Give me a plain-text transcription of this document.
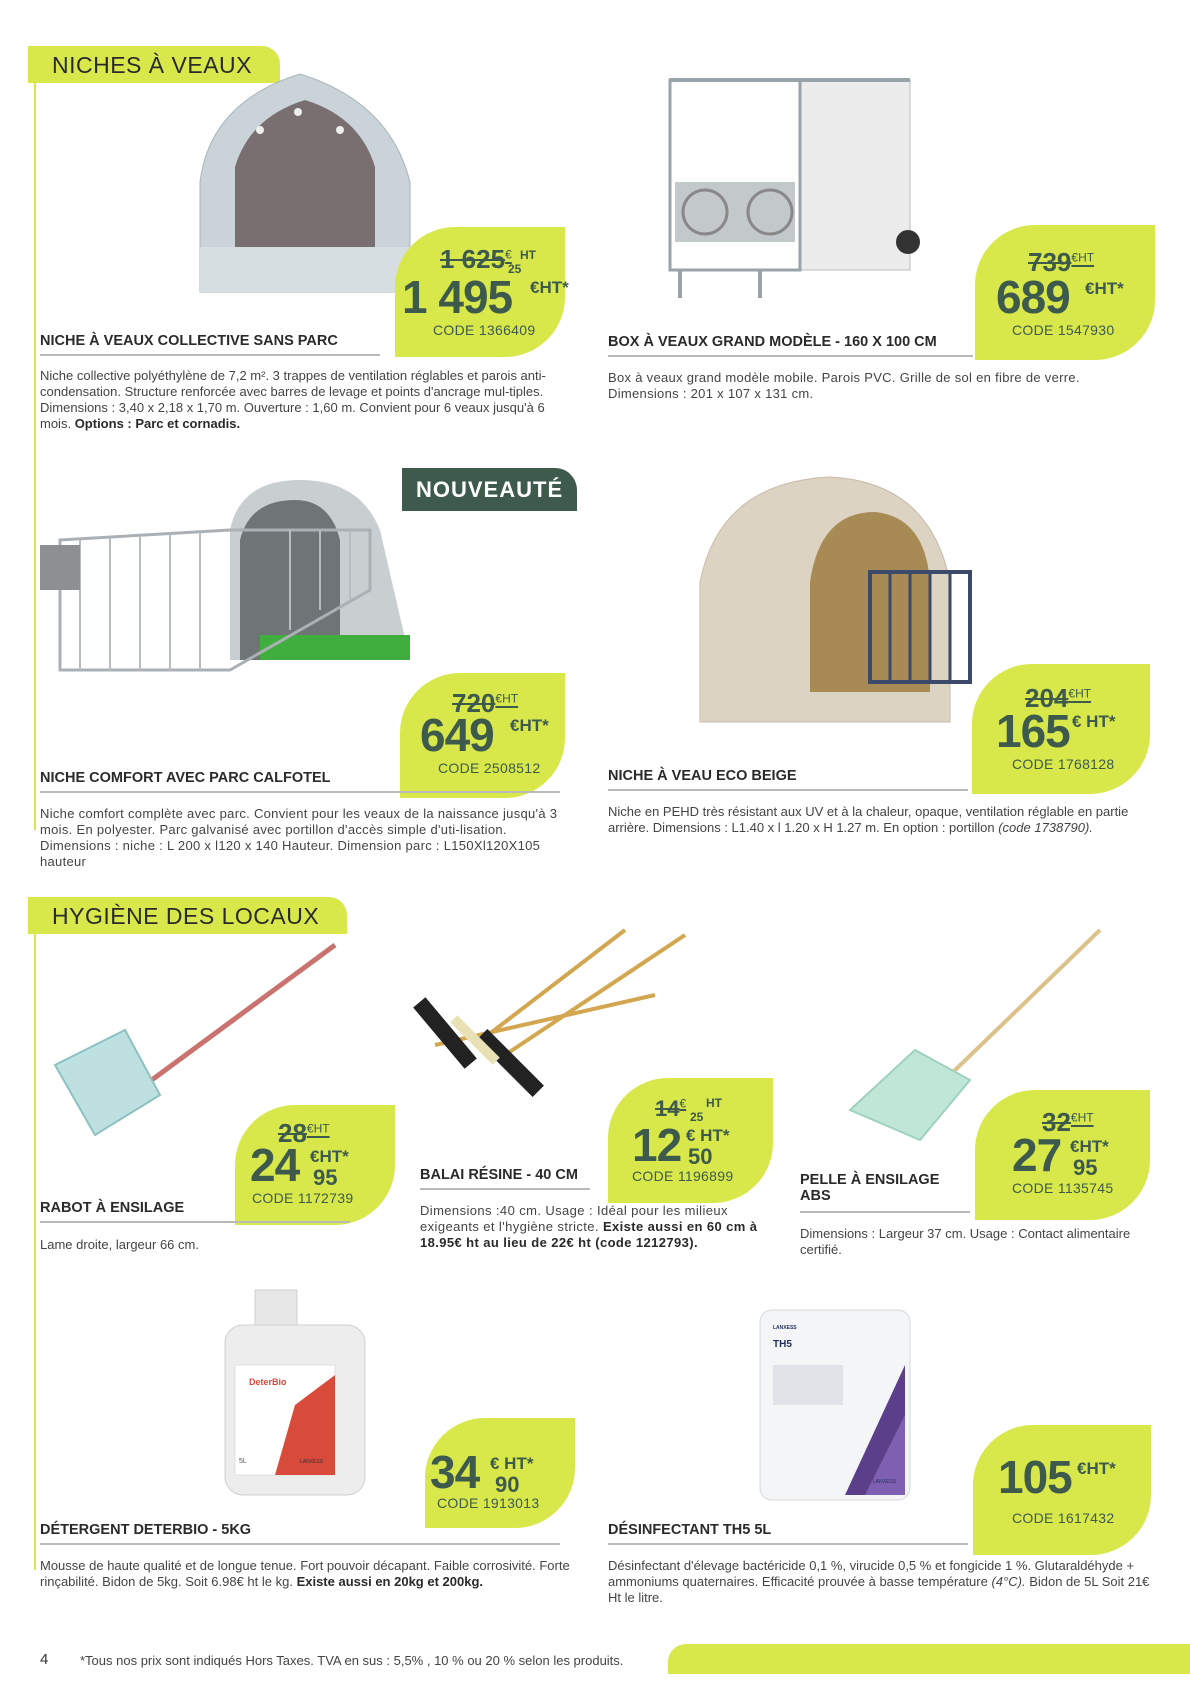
NICHES À VEAUX
1 625€
25
HT
1 495 €HT*
CODE 1366409
NICHE À VEAUX COLLECTIVE SANS PARC
Niche collective polyéthylène de 7,2 m². 3 trappes de ventilation réglables et parois anti-condensation. Structure renforcée avec barres de levage et points d'ancrage mul-tiples. Dimensions : 3,40 x 2,18 x 1,70 m. Ouverture : 1,60 m. Convient pour 6 veaux jusqu'à 6 mois. Options : Parc et cornadis.
$739^{€HT}$
689 €HT*
CODE 1547930
BOX À VEAUX GRAND MODÈLE - 160 X 100 CM
Box à veaux grand modèle mobile. Parois PVC. Grille de sol en fibre de verre. Dimensions : 201 x 107 x 131 cm.
NOUVEAUTÉ
$720^{€HT}$
649 €HT*
CODE 2508512
NICHE COMFORT AVEC PARC CALFOTEL
Niche comfort complète avec parc. Convient pour les veaux de la naissance jusqu'à 3 mois. En polyester. Parc galvanisé avec portillon d'accès simple d'uti-lisation. Dimensions : niche : L 200 x l120 x 140 Hauteur. Dimension parc : L150Xl120X105 hauteur
$204^{€HT}$
165 € HT*
CODE 1768128
NICHE À VEAU ECO BEIGE
Niche en PEHD très résistant aux UV et à la chaleur, opaque, ventilation réglable en partie arrière. Dimensions : L1.40 x l 1.20 x H 1.27 m. En option : portillon (code 1738790).
HYGIÈNE DES LOCAUX
$28^{€HT}$
24 €HT*
95
CODE 1172739
RABOT À ENSILAGE
Lame droite, largeur 66 cm.
14€
25
HT
12 € HT*
50
CODE 1196899
BALAI RÉSINE - 40 CM
Dimensions :40 cm. Usage : Idéal pour les milieux exigeants et l'hygiène stricte. Existe aussi en 60 cm à 18.95€ ht au lieu de 22€ ht (code 1212793).
$32^{€HT}$
27 €HT*
95
CODE 1135745
PELLE À ENSILAGE
ABS
Dimensions : Largeur 37 cm. Usage : Contact alimentaire certifié.
DeterBio
5L	LANXESS 34 € HT*
90
CODE 1913013
DÉTERGENT DETERBIO - 5KG
Mousse de haute qualité et de longue tenue. Fort pouvoir décapant. Faible corrosivité. Forte rinçabilité. Bidon de 5kg. Soit 6.98€ ht le kg. Existe aussi en 20kg et 200kg.
TH5
LANXESS
LANXESS 105 €HT*
CODE 1617432
DÉSINFECTANT TH5 5L
Désinfectant d'élevage bactéricide 0,1 %, virucide 0,5 % et fongicide 1 %. Glutaraldéhyde + ammoniums quaternaires. Efficacité prouvée à basse température (4°C). Bidon de 5L Soit 21€ Ht le litre.
4 *Tous nos prix sont indiqués Hors Taxes. TVA en sus : 5,5% , 10 % ou 20 % selon les produits.
